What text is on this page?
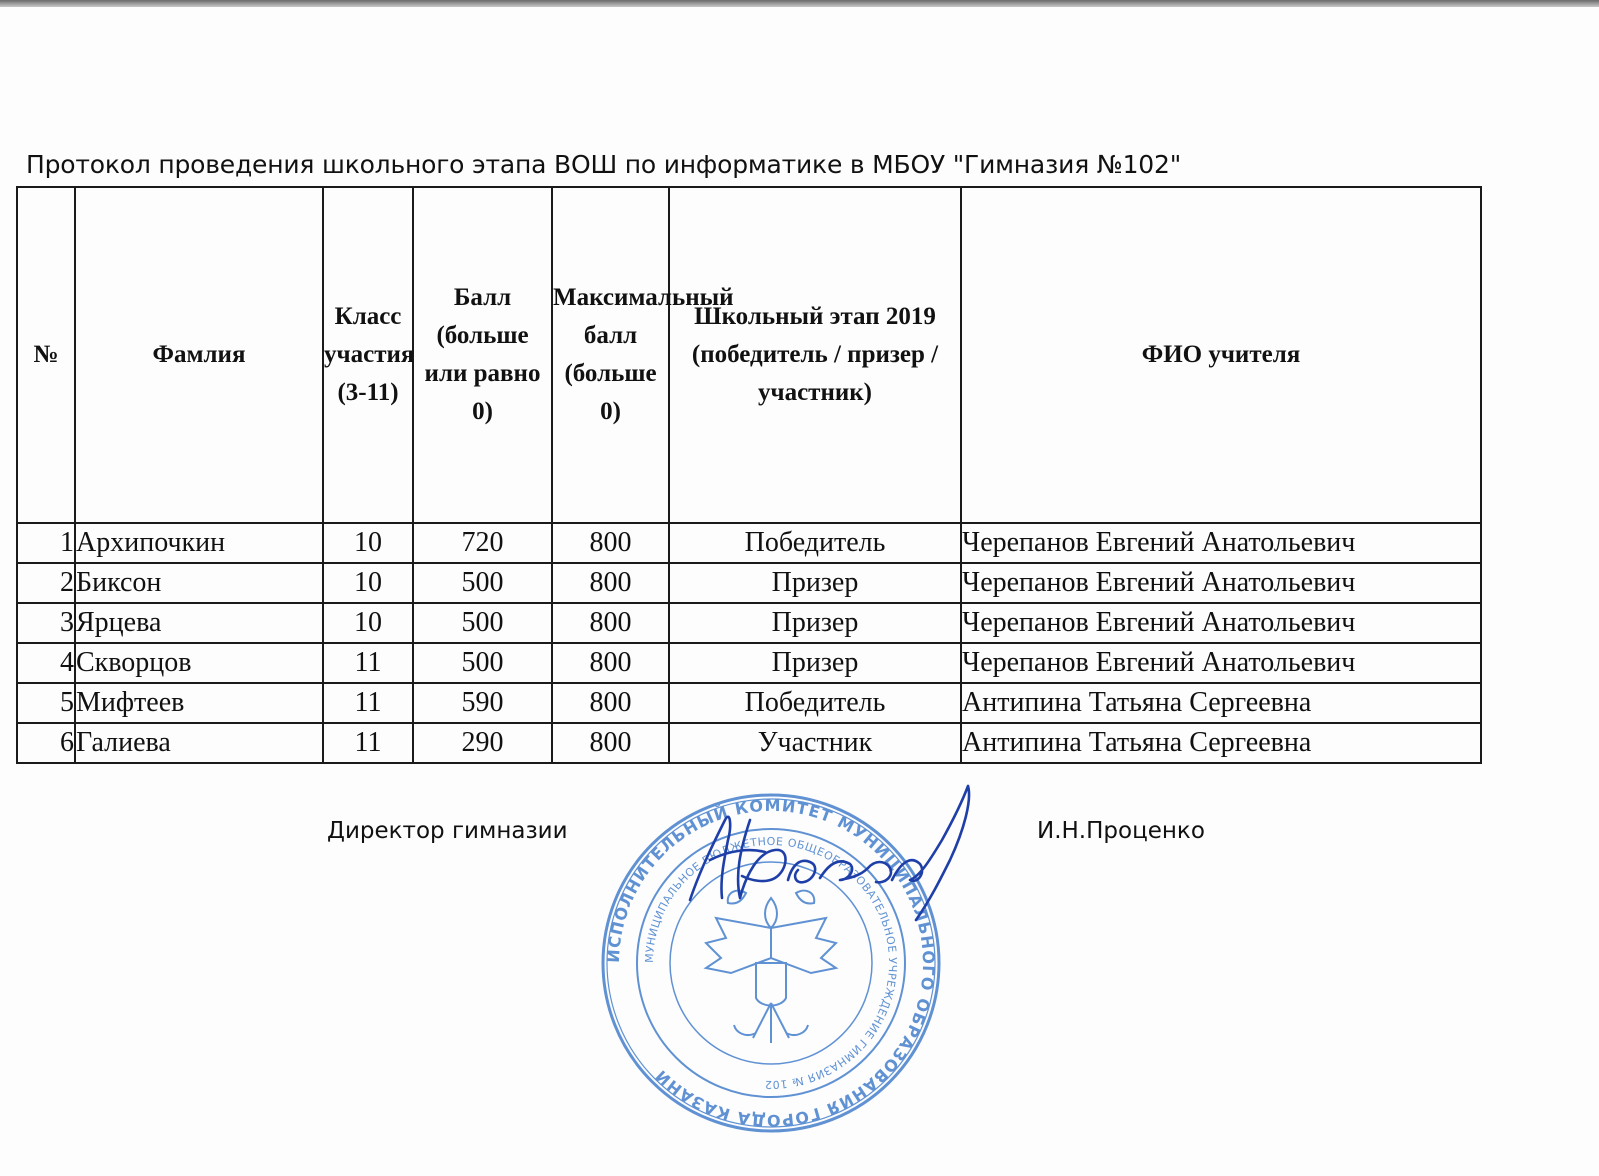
Протокол проведения школьного этапа ВОШ по информатике в МБОУ "Гимназия №102"
№	Фамлия	Класс участия (3-11)	Балл (больше или равно 0)	Максимальный балл (больше 0)	Школьный этап 2019 (победитель / призер / участник)	ФИО учителя
1	Архипочкин	10	720	800	Победитель	Черепанов Евгений Анатольевич
2	Биксон	10	500	800	Призер	Черепанов Евгений Анатольевич
3	Ярцева	10	500	800	Призер	Черепанов Евгений Анатольевич
4	Скворцов	11	500	800	Призер	Черепанов Евгений Анатольевич
5	Мифтеев	11	590	800	Победитель	Антипина Татьяна Сергеевна
6	Галиева	11	290	800	Участник	Антипина Татьяна Сергеевна
Директор гимназии	И.Н.Проценко
ИСПОЛНИТЕЛЬНЫЙ КОМИТЕТ МУНИЦИПАЛЬНОГО ОБРАЗОВАНИЯ ГОРОДА КАЗАНИ
МУНИЦИПАЛЬНОЕ БЮДЖЕТНОЕ ОБЩЕОБРАЗОВАТЕЛЬНОЕ УЧРЕЖДЕНИЕ ГИМНАЗИЯ № 102
